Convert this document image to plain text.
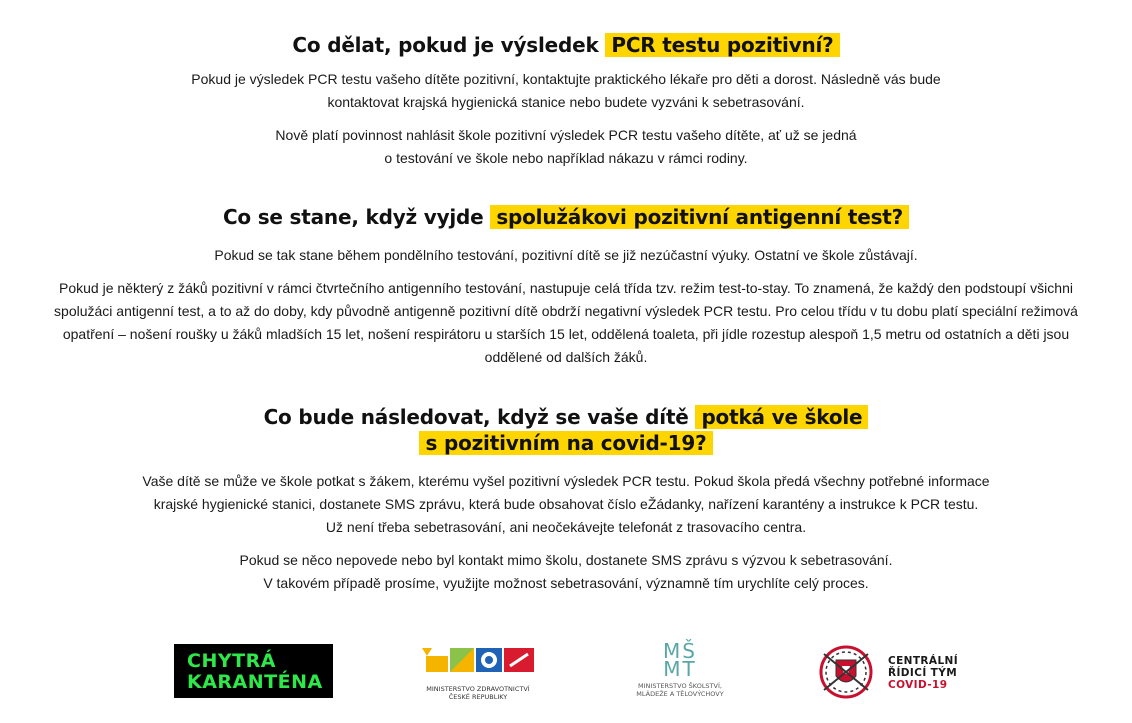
Co dělat, pokud je výsledek PCR testu pozitivní?

Pokud je výsledek PCR testu vašeho dítěte pozitivní, kontaktujte praktického lékaře pro děti a dorost. Následně vás bude
kontaktovat krajská hygienická stanice nebo budete vyzváni k sebetrasování.

Nově platí povinnost nahlásit škole pozitivní výsledek PCR testu vašeho dítěte, ať už se jedná
o testování ve škole nebo například nákazu v rámci rodiny.

Co se stane, když vyjde spolužákovi pozitivní antigenní test?

Pokud se tak stane během pondělního testování, pozitivní dítě se již nezúčastní výuky. Ostatní ve škole zůstávají.

Pokud je některý z žáků pozitivní v rámci čtvrtečního antigenního testování, nastupuje celá třída tzv. režim test-to-stay. To znamená, že každý den podstoupí všichni
spolužáci antigenní test, a to až do doby, kdy původně antigenně pozitivní dítě obdrží negativní výsledek PCR testu. Pro celou třídu v tu dobu platí speciální režimová
opatření – nošení roušky u žáků mladších 15 let, nošení respirátoru u starších 15 let, oddělená toaleta, při jídle rozestup alespoň 1,5 metru od ostatních a děti jsou
oddělené od dalších žáků.

Co bude následovat, když se vaše dítě potká ve škole
s pozitivním na covid-19?

Vaše dítě se může ve škole potkat s žákem, kterému vyšel pozitivní výsledek PCR testu. Pokud škola předá všechny potřebné informace
krajské hygienické stanici, dostanete SMS zprávu, která bude obsahovat číslo eŽádanky, nařízení karantény a instrukce k PCR testu.
Už není třeba sebetrasování, ani neočekávejte telefonát z trasovacího centra.

Pokud se něco nepovede nebo byl kontakt mimo školu, dostanete SMS zprávu s výzvou k sebetrasování.
V takovém případě prosíme, využijte možnost sebetrasování, významně tím urychlíte celý proces.

CHYTRÁ
KARANTÉNA	MINISTERSTVO ZDRAVOTNICTVÍ
ČESKÉ REPUBLIKY
MŠ
MT
MINISTERSTVO ŠKOLSTVÍ,
MLÁDEŽE A TĚLOVÝCHOVY
CENTRÁLNÍ
ŘÍDICÍ TÝM
COVID-19
